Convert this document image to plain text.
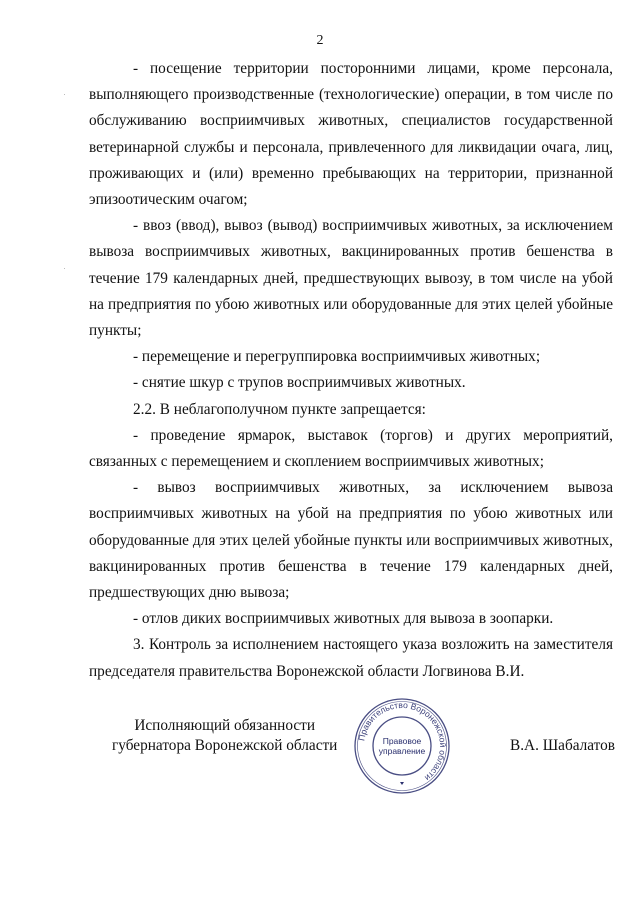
2

- посещение территории посторонними лицами, кроме персонала, выполняющего производственные (технологические) операции, в том числе по обслуживанию восприимчивых животных, специалистов государственной ветеринарной службы и персонала, привлеченного для ликвидации очага, лиц, проживающих и (или) временно пребывающих на территории, признанной эпизоотическим очагом;

- ввоз (ввод), вывоз (вывод) восприимчивых животных, за исключением вывоза восприимчивых животных, вакцинированных против бешенства в течение 179 календарных дней, предшествующих вывозу, в том числе на убой на предприятия по убою животных или оборудованные для этих целей убойные пункты;

- перемещение и перегруппировка восприимчивых животных;

- снятие шкур с трупов восприимчивых животных.

2.2. В неблагополучном пункте запрещается:

- проведение ярмарок, выставок (торгов) и других мероприятий, связанных с перемещением и скоплением восприимчивых животных;

- вывоз восприимчивых животных, за исключением вывоза восприимчивых животных на убой на предприятия по убою животных или оборудованные для этих целей убойные пункты или восприимчивых животных, вакцинированных против бешенства в течение 179 календарных дней, предшествующих дню вывоза;

- отлов диких восприимчивых животных для вывоза в зоопарки.

3. Контроль за исполнением настоящего указа возложить на заместителя председателя правительства Воронежской области Логвинова В.И.

Исполняющий обязанности
губернатора Воронежской области Правительство Воронежской области
Правовое
управление	В.А. Шабалатов
